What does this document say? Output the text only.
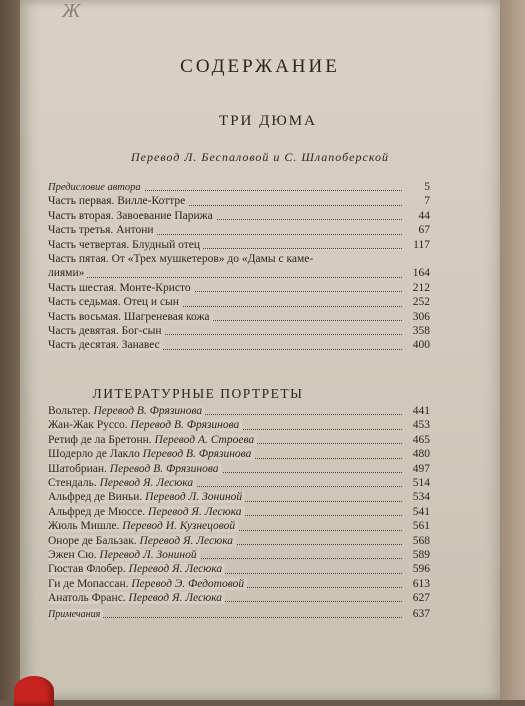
Ж
СОДЕРЖАНИЕ
ТРИ ДЮМА
Перевод Л. Беспаловой и С. Шлапоберской
Предисловие автора	5
Часть первая. Вилле-Коттре	7
Часть вторая. Завоевание Парижа	44
Часть третья. Антони	67
Часть четвертая. Блудный отец	117
Часть пятая. От «Трех мушкетеров» до «Дамы с каме-
лиями»	164
Часть шестая. Монте-Кристо	212
Часть седьмая. Отец и сын	252
Часть восьмая. Шагреневая кожа	306
Часть девятая. Бог-сын	358
Часть десятая. Занавес	400
ЛИТЕРАТУРНЫЕ ПОРТРЕТЫ
Вольтер. Перевод В. Фрязинова	441
Жан-Жак Руссо. Перевод В. Фрязинова	453
Ретиф де ла Бретонн. Перевод А. Строева	465
Шодерло де Лакло Перевод В. Фрязинова	480
Шатобриан. Перевод В. Фрязинова	497
Стендаль. Перевод Я. Лесюка	514
Альфред де Виньи. Перевод Л. Зониной	534
Альфред де Мюссе. Перевод Я. Лесюка	541
Жюль Мишле. Перевод И. Кузнецовой	561
Оноре де Бальзак. Перевод Я. Лесюка	568
Эжен Сю. Перевод Л. Зониной	589
Гюстав Флобер. Перевод Я. Лесюка	596
Ги де Мопассан. Перевод Э. Федотовой	613
Анатоль Франс. Перевод Я. Лесюка	627
Примечания	637
